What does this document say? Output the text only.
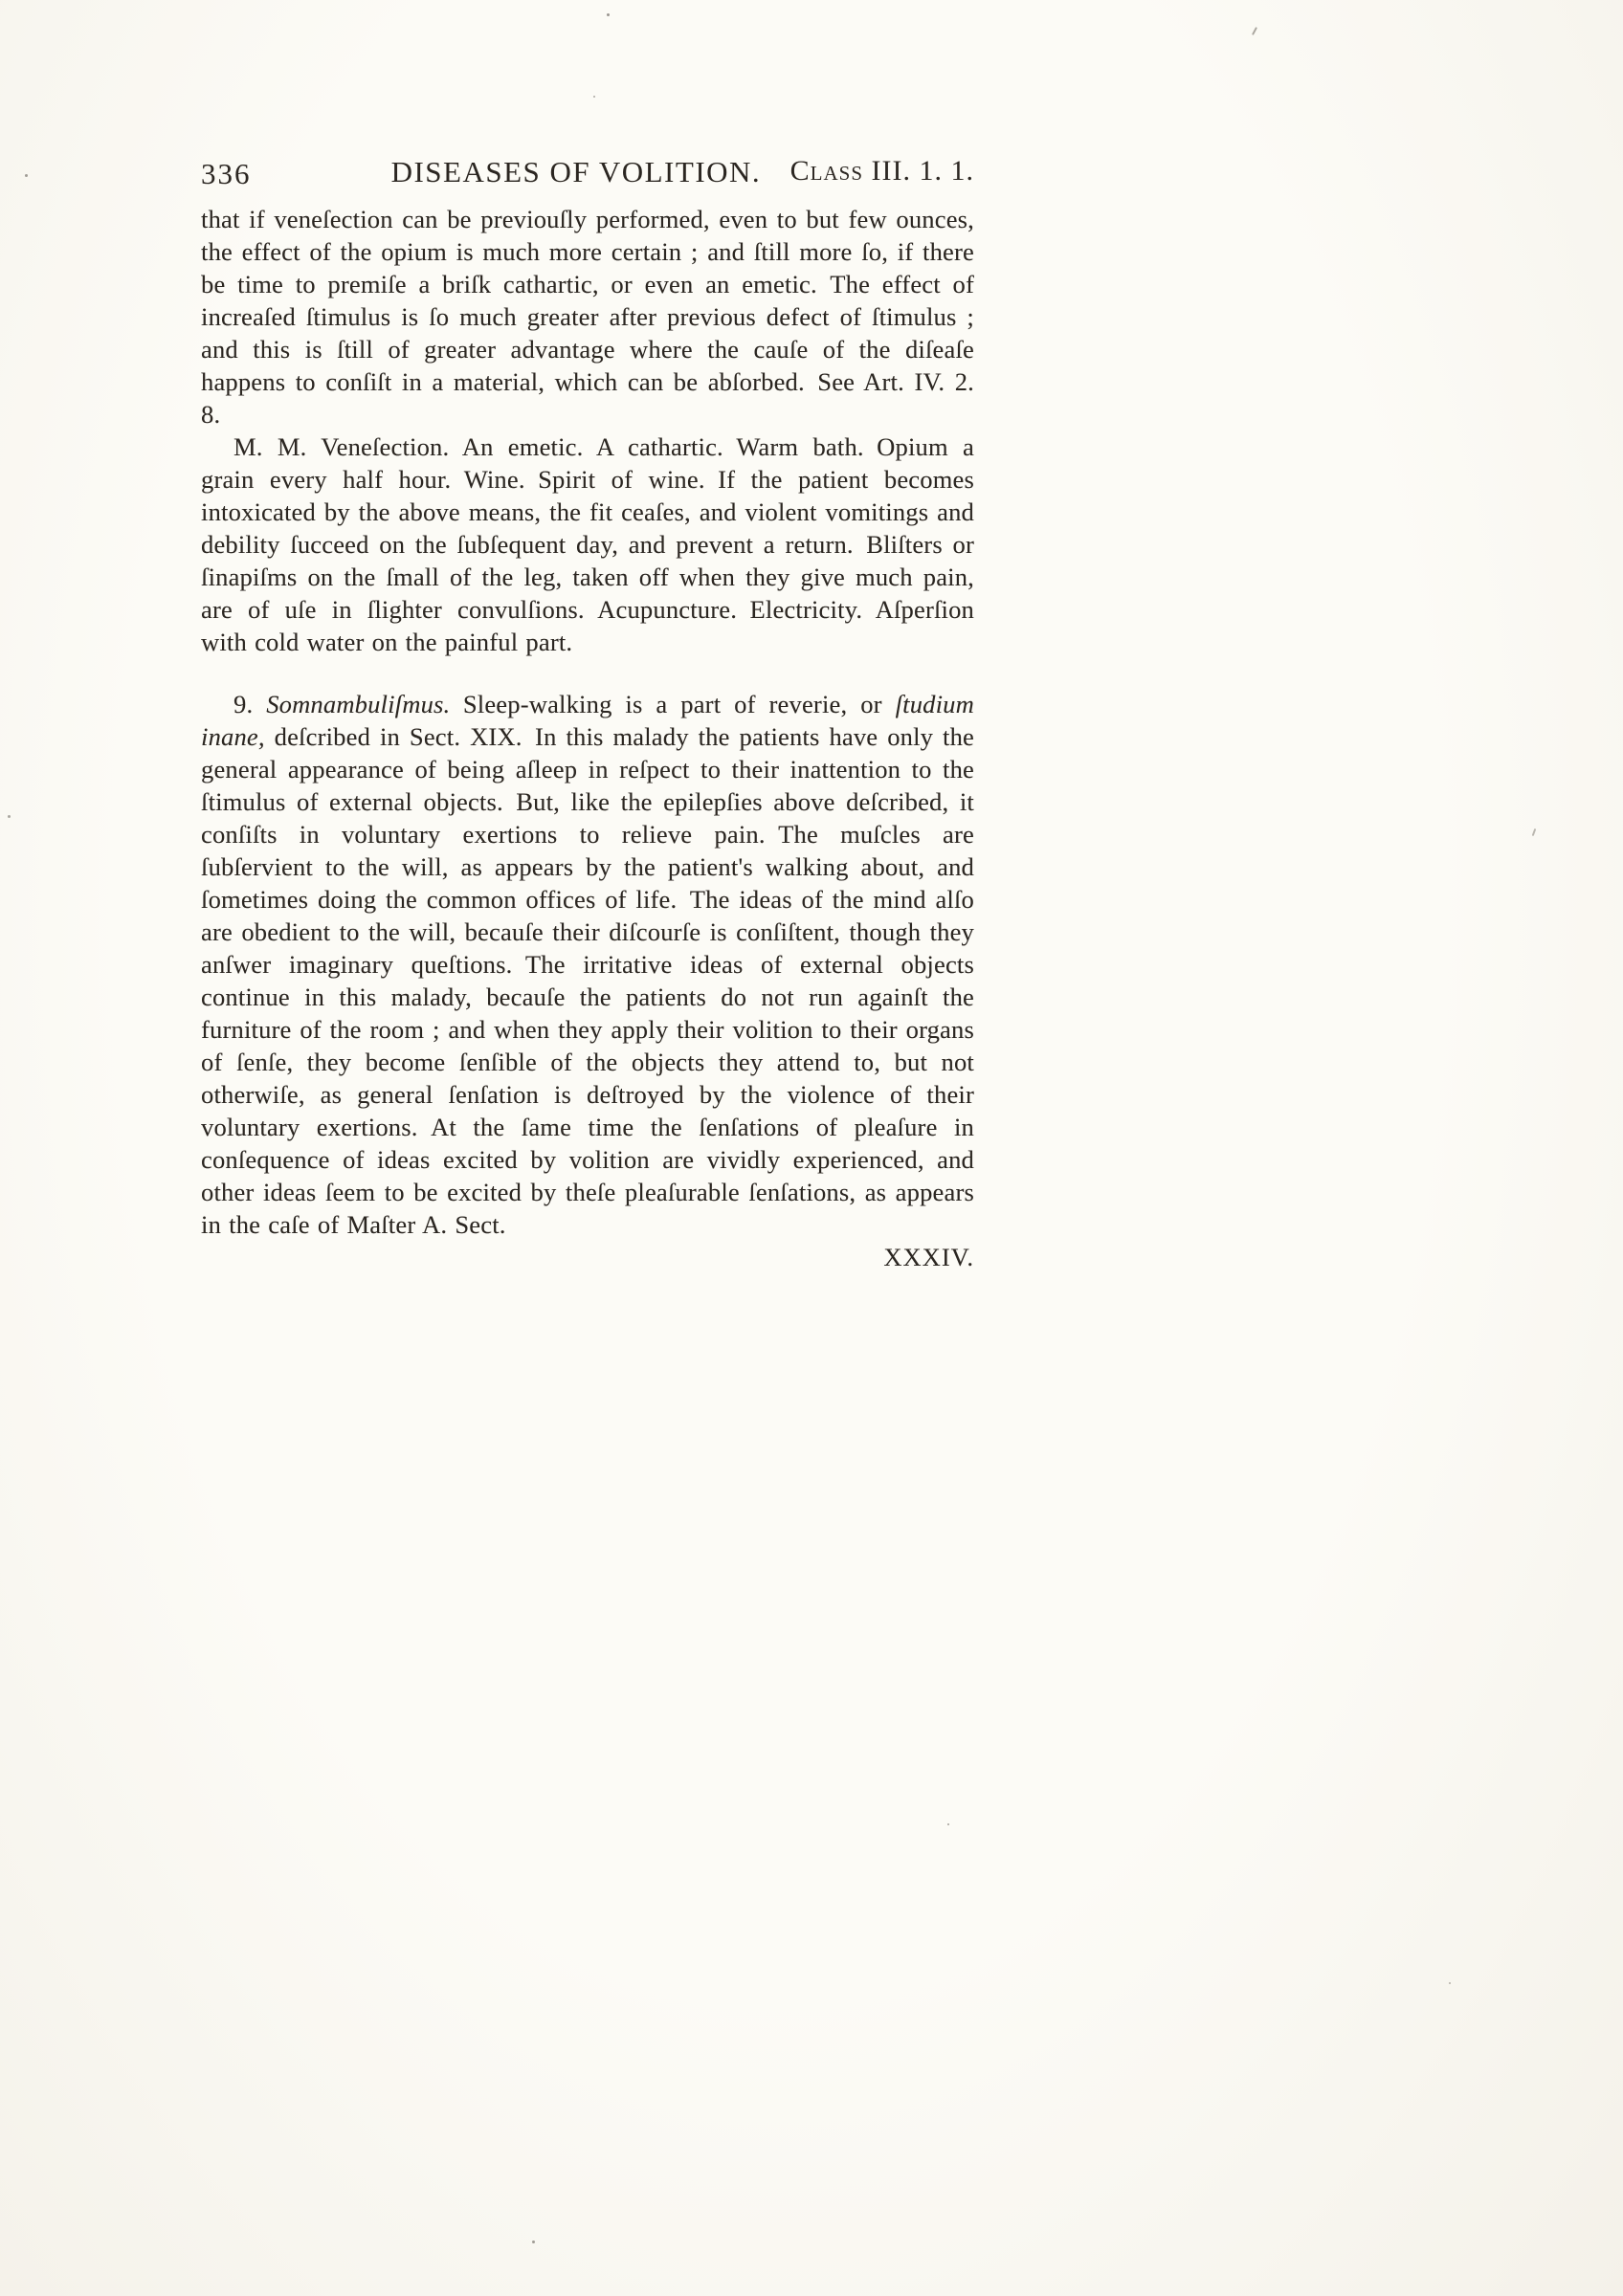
336	DISEASES OF VOLITION. Class III. 1. 1.

that if veneſection can be previouſly performed, even to but few ounces, the effect of the opium is much more certain ; and ſtill more ſo, if there be time to premiſe a briſk cathartic, or even an emetic. The effect of increaſed ſtimulus is ſo much greater after previous defect of ſtimulus ; and this is ſtill of greater advantage where the cauſe of the diſeaſe happens to conſiſt in a material, which can be abſorbed. See Art. IV. 2. 8.

M. M. Veneſection. An emetic. A cathartic. Warm bath. Opium a grain every half hour. Wine. Spirit of wine. If the patient becomes intoxicated by the above means, the fit ceaſes, and violent vomitings and debility ſucceed on the ſubſequent day, and prevent a return. Bliſters or ſinapiſms on the ſmall of the leg, taken off when they give much pain, are of uſe in ſlighter convulſions. Acupuncture. Electricity. Aſperſion with cold water on the painful part.

9. Somnambuliſmus. Sleep-walking is a part of reverie, or ſtudium inane, deſcribed in Sect. XIX. In this malady the patients have only the general appearance of being aſleep in reſpect to their inattention to the ſtimulus of external objects. But, like the epilepſies above deſcribed, it conſiſts in voluntary exertions to relieve pain. The muſcles are ſubſervient to the will, as appears by the patient's walking about, and ſometimes doing the common offices of life. The ideas of the mind alſo are obedient to the will, becauſe their diſcourſe is conſiſtent, though they anſwer imaginary queſtions. The irritative ideas of external objects continue in this malady, becauſe the patients do not run againſt the furniture of the room ; and when they apply their volition to their organs of ſenſe, they become ſenſible of the objects they attend to, but not otherwiſe, as general ſenſation is deſtroyed by the violence of their voluntary exertions. At the ſame time the ſenſations of pleaſure in conſequence of ideas excited by volition are vividly experienced, and other ideas ſeem to be excited by theſe pleaſurable ſenſations, as appears in the caſe of Maſter A. Sect.

XXXIV.
